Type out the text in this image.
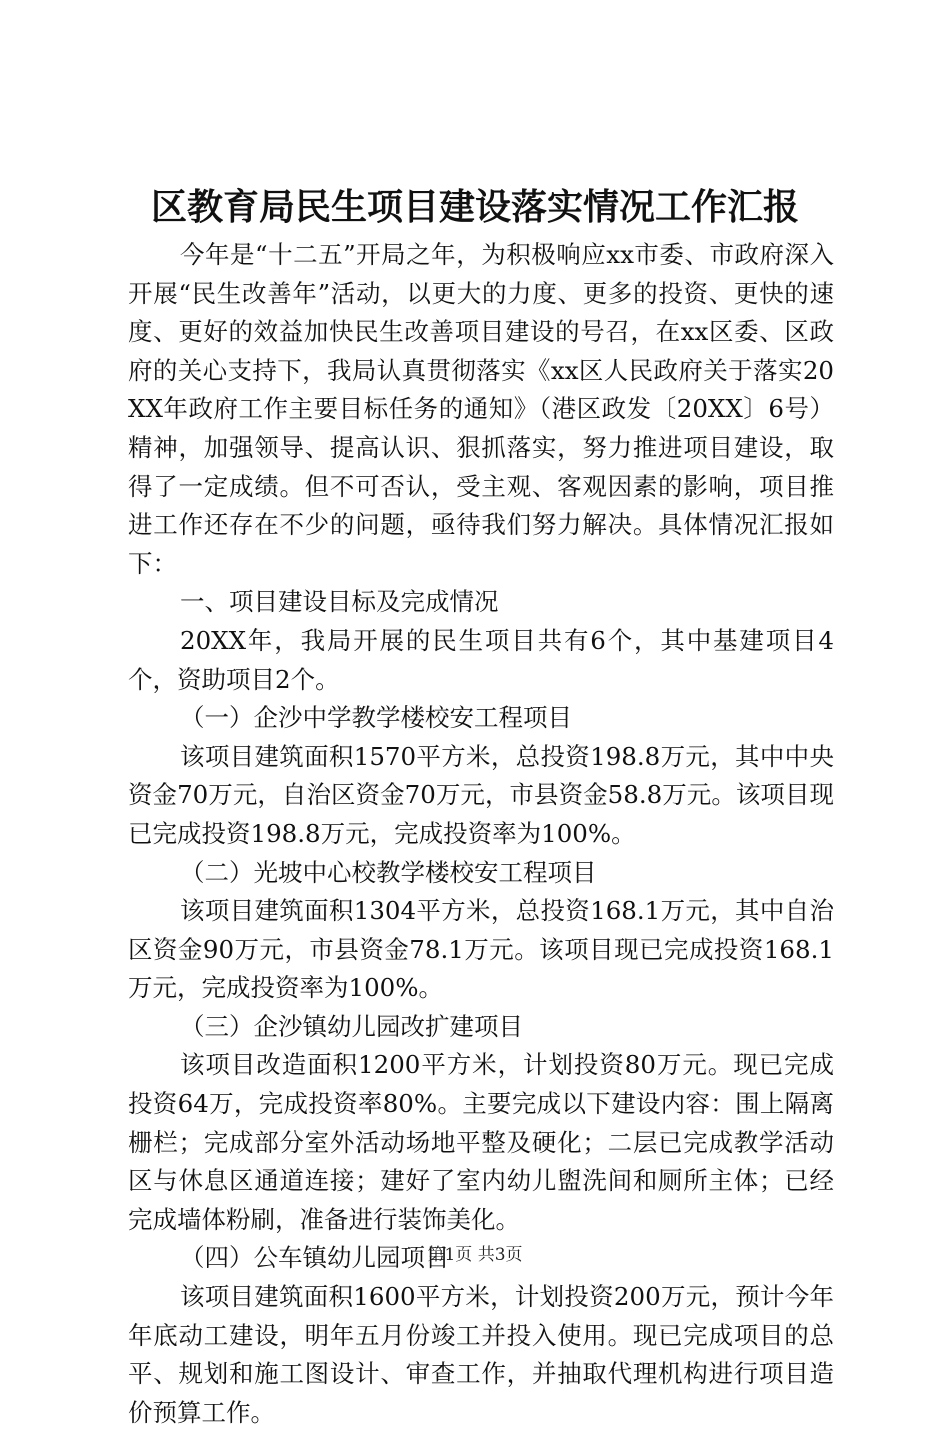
区教育局民生项目建设落实情况工作汇报

今年是“十二五”开局之年，为积极响应xx市委、市政府深入开展“民生改善年”活动，以更大的力度、更多的投资、更快的速度、更好的效益加快民生改善项目建设的号召，在xx区委、区政府的关心支持下，我局认真贯彻落实《xx区人民政府关于落实20XX年政府工作主要目标任务的通知》（港区政发〔20XX〕6号）精神，加强领导、提高认识、狠抓落实，努力推进项目建设，取得了一定成绩。但不可否认，受主观、客观因素的影响，项目推进工作还存在不少的问题，亟待我们努力解决。具体情况汇报如下：

一、项目建设目标及完成情况

20XX年，我局开展的民生项目共有6个，其中基建项目4个，资助项目2个。

（一）企沙中学教学楼校安工程项目

该项目建筑面积1570平方米，总投资198.8万元，其中中央资金70万元，自治区资金70万元，市县资金58.8万元。该项目现已完成投资198.8万元，完成投资率为100%。

（二）光坡中心校教学楼校安工程项目

该项目建筑面积1304平方米，总投资168.1万元，其中自治区资金90万元，市县资金78.1万元。该项目现已完成投资168.1万元，完成投资率为100%。

（三）企沙镇幼儿园改扩建项目

该项目改造面积1200平方米，计划投资80万元。现已完成投资64万，完成投资率80%。主要完成以下建设内容：围上隔离栅栏；完成部分室外活动场地平整及硬化；二层已完成教学活动区与休息区通道连接；建好了室内幼儿盥洗间和厕所主体；已经完成墙体粉刷，准备进行装饰美化。

（四）公车镇幼儿园项目

该项目建筑面积1600平方米，计划投资200万元，预计今年年底动工建设，明年五月份竣工并投入使用。现已完成项目的总平、规划和施工图设计、审查工作，并抽取代理机构进行项目造价预算工作。

第1页 共3页
